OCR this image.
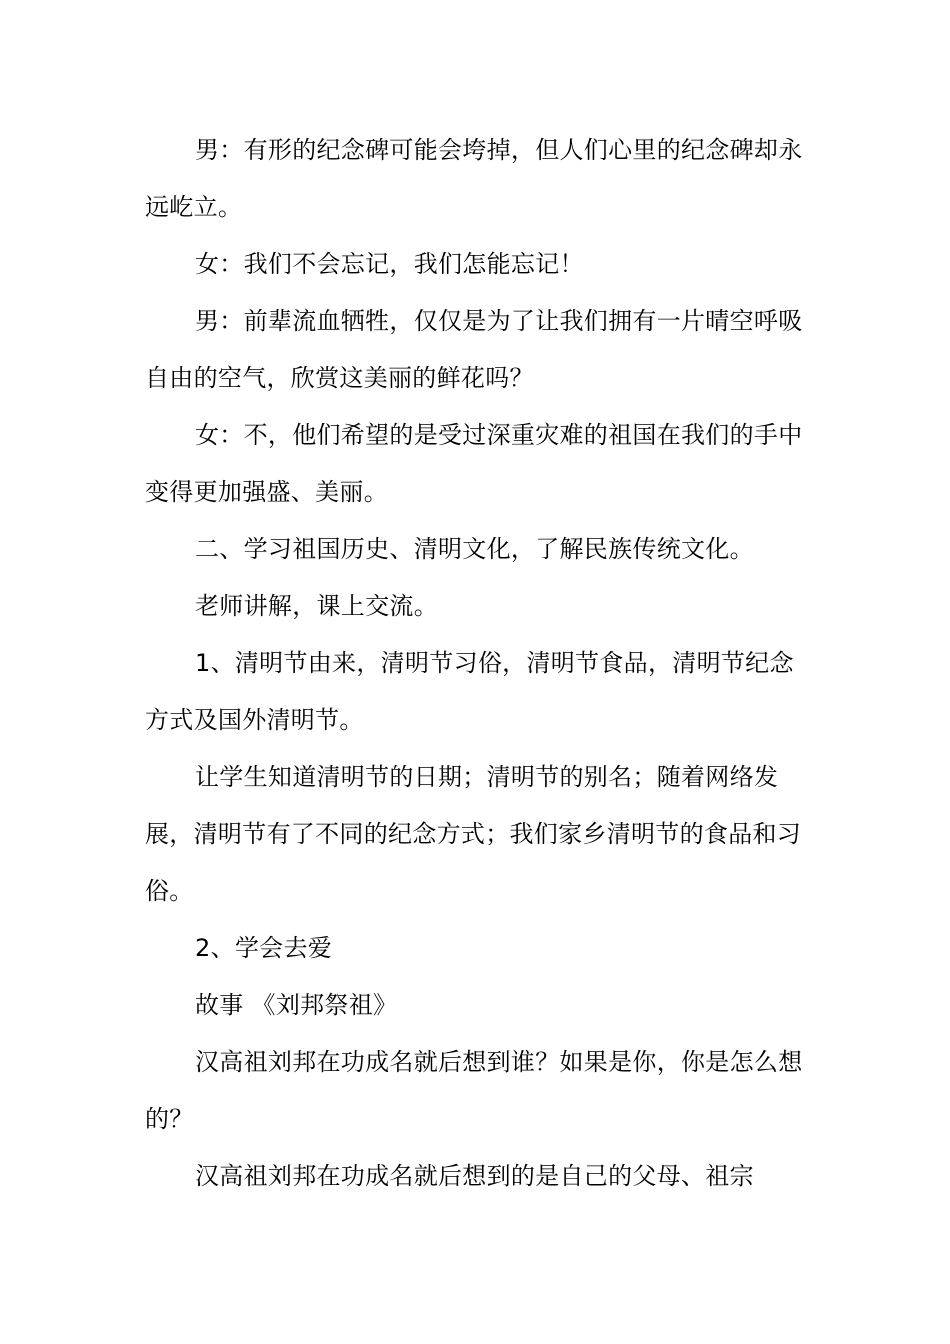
男：有形的纪念碑可能会垮掉，但人们心里的纪念碑却永远屹立。

女：我们不会忘记，我们怎能忘记！

男：前辈流血牺牲，仅仅是为了让我们拥有一片晴空呼吸自由的空气，欣赏这美丽的鲜花吗？

女：不，他们希望的是受过深重灾难的祖国在我们的手中变得更加强盛、美丽。

二、学习祖国历史、清明文化，了解民族传统文化。

老师讲解，课上交流。

1、清明节由来，清明节习俗，清明节食品，清明节纪念方式及国外清明节。

让学生知道清明节的日期；清明节的别名；随着网络发展，清明节有了不同的纪念方式；我们家乡清明节的食品和习俗。

2、学会去爱

故事 《刘邦祭祖》

汉高祖刘邦在功成名就后想到谁？如果是你，你是怎么想的？

汉高祖刘邦在功成名就后想到的是自己的父母、祖宗
